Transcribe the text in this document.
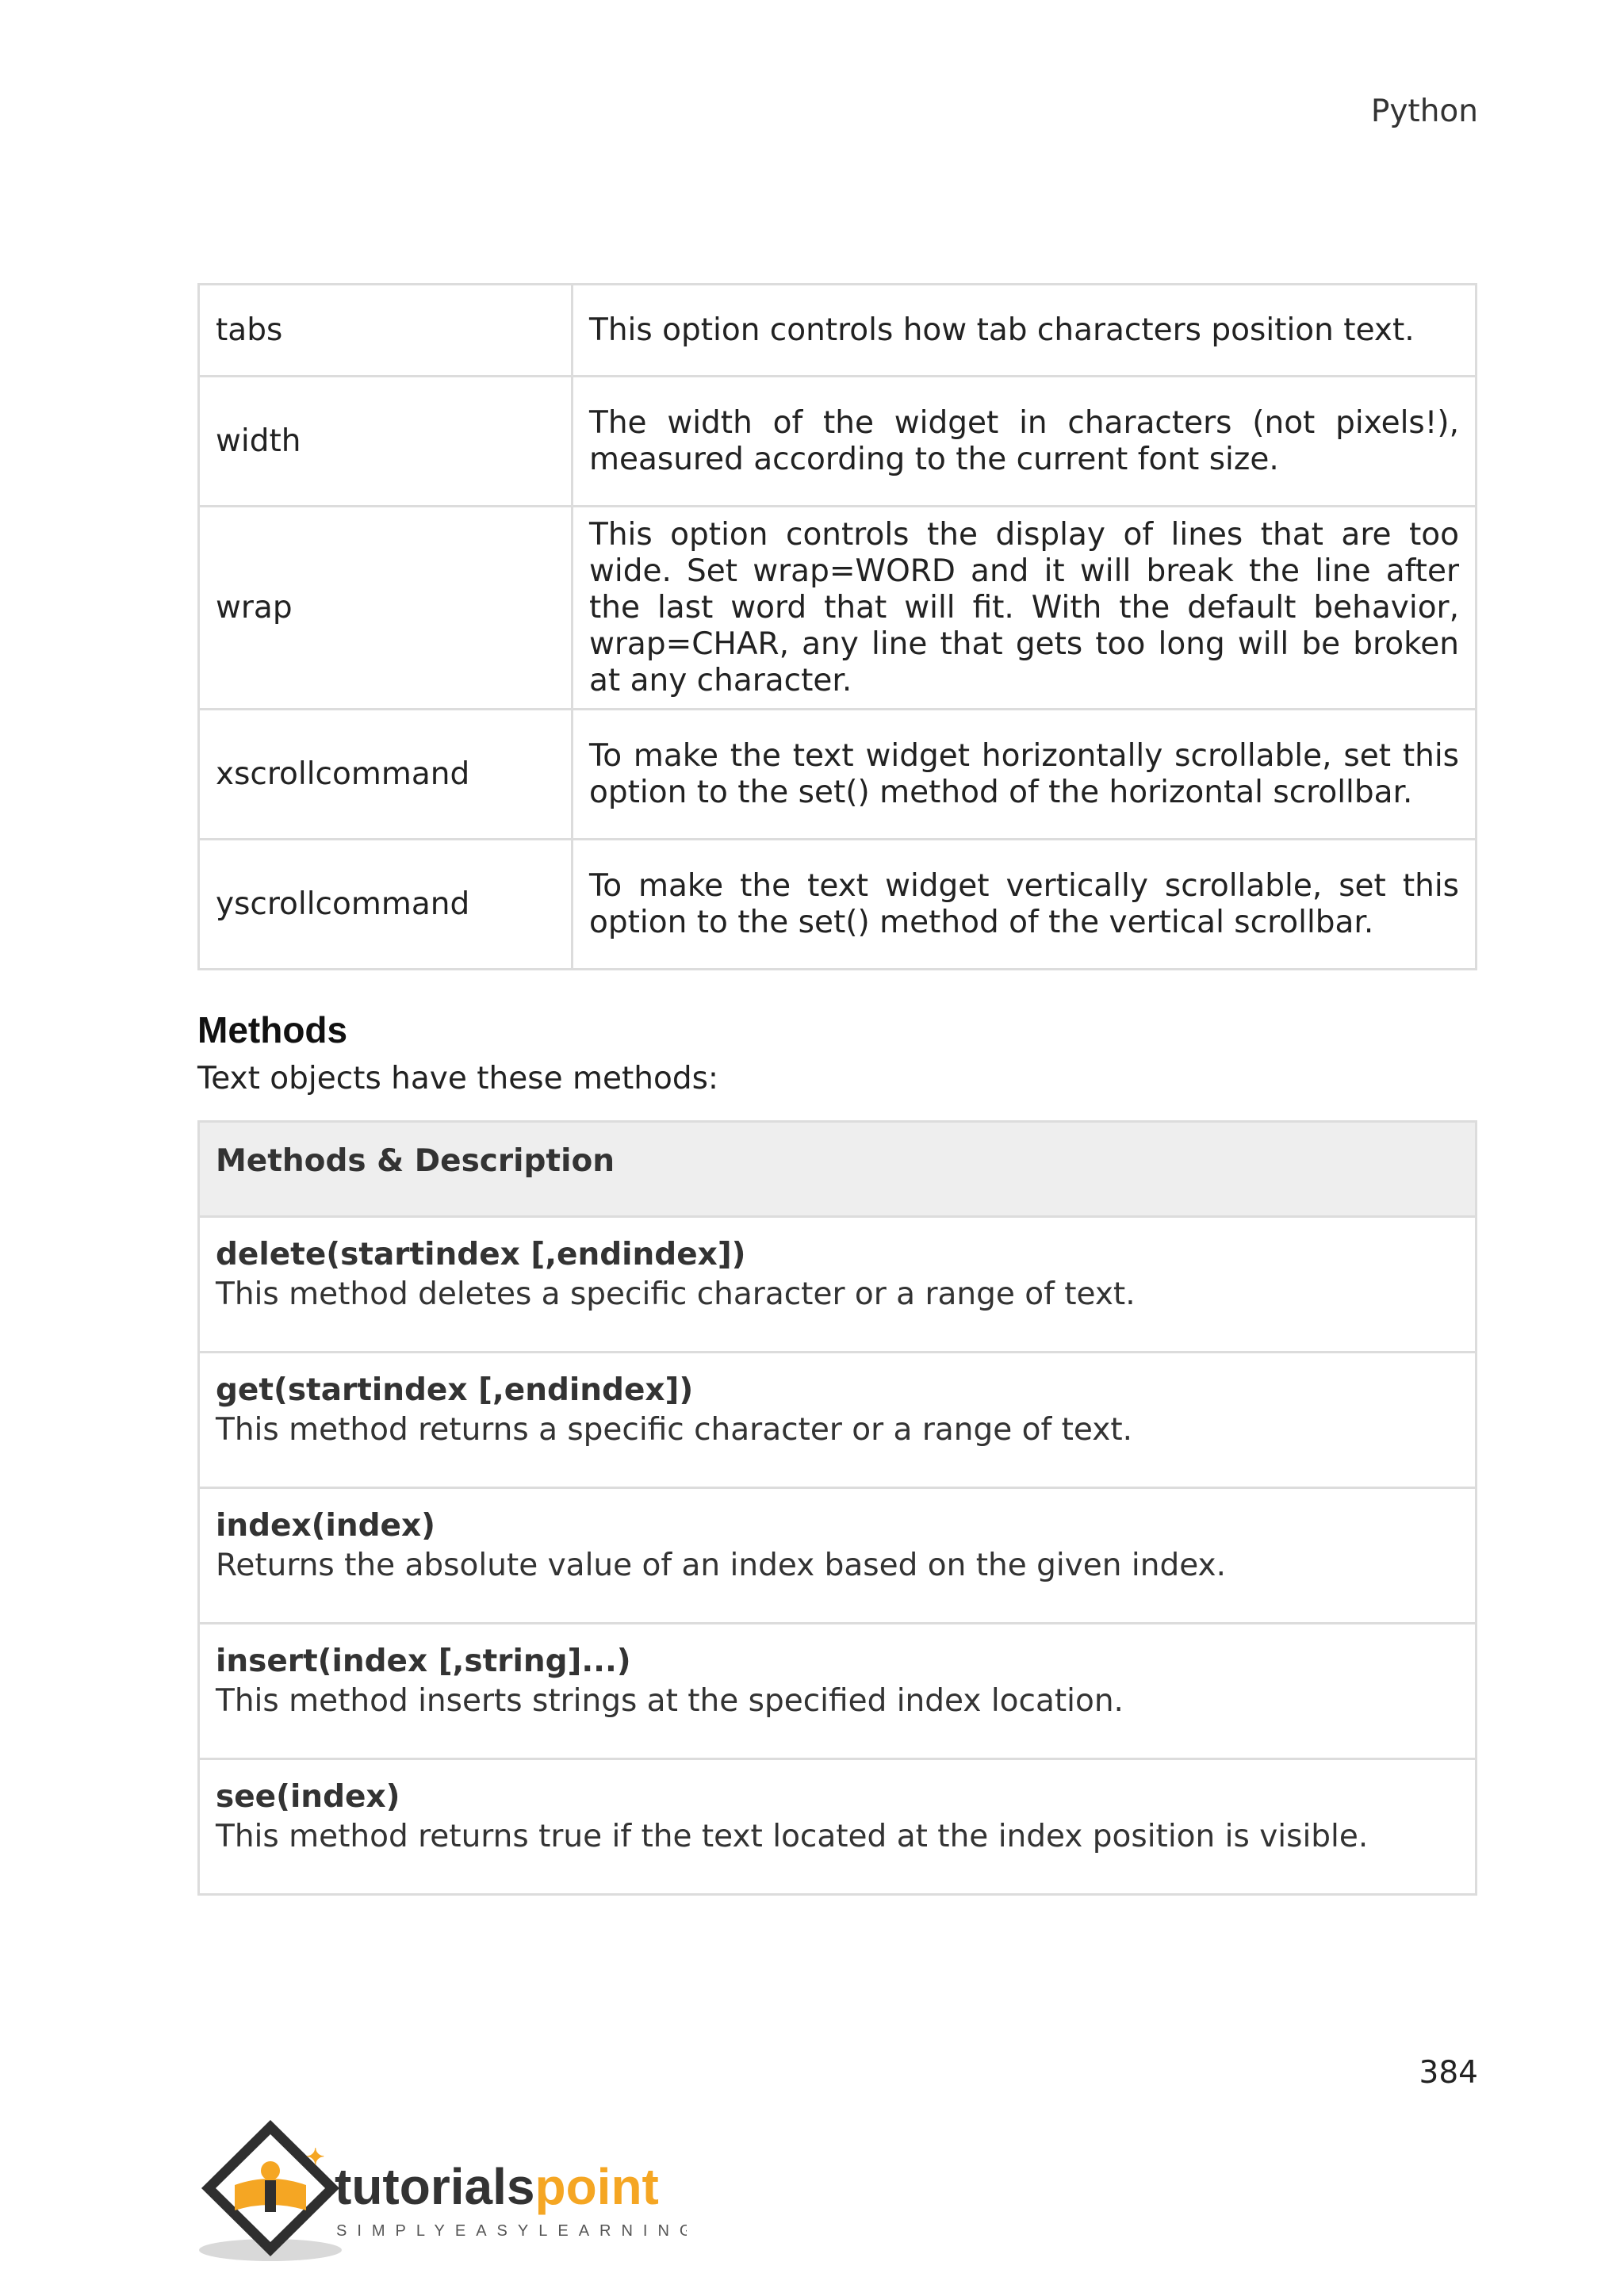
Python
tabs	This option controls how tab characters position text.
width	The width of the widget in characters (not pixels!), measured according to the current font size.
wrap	This option controls the display of lines that are too wide. Set wrap=WORD and it will break the line after the last word that will fit. With the default behavior, wrap=CHAR, any line that gets too long will be broken at any character.
xscrollcommand	To make the text widget horizontally scrollable, set this option to the set() method of the horizontal scrollbar.
yscrollcommand	To make the text widget vertically scrollable, set this option to the set() method of the vertical scrollbar.
Methods
Text objects have these methods:
Methods & Description

delete(startindex [,endindex])
This method deletes a specific character or a range of text.

get(startindex [,endindex])
This method returns a specific character or a range of text.

index(index)
Returns the absolute value of an index based on the given index.

insert(index [,string]...)
This method inserts strings at the specified index location.

see(index)
This method returns true if the text located at the index position is visible.
384
✦
tutorialspoint
SIMPLYEASYLEARNING
